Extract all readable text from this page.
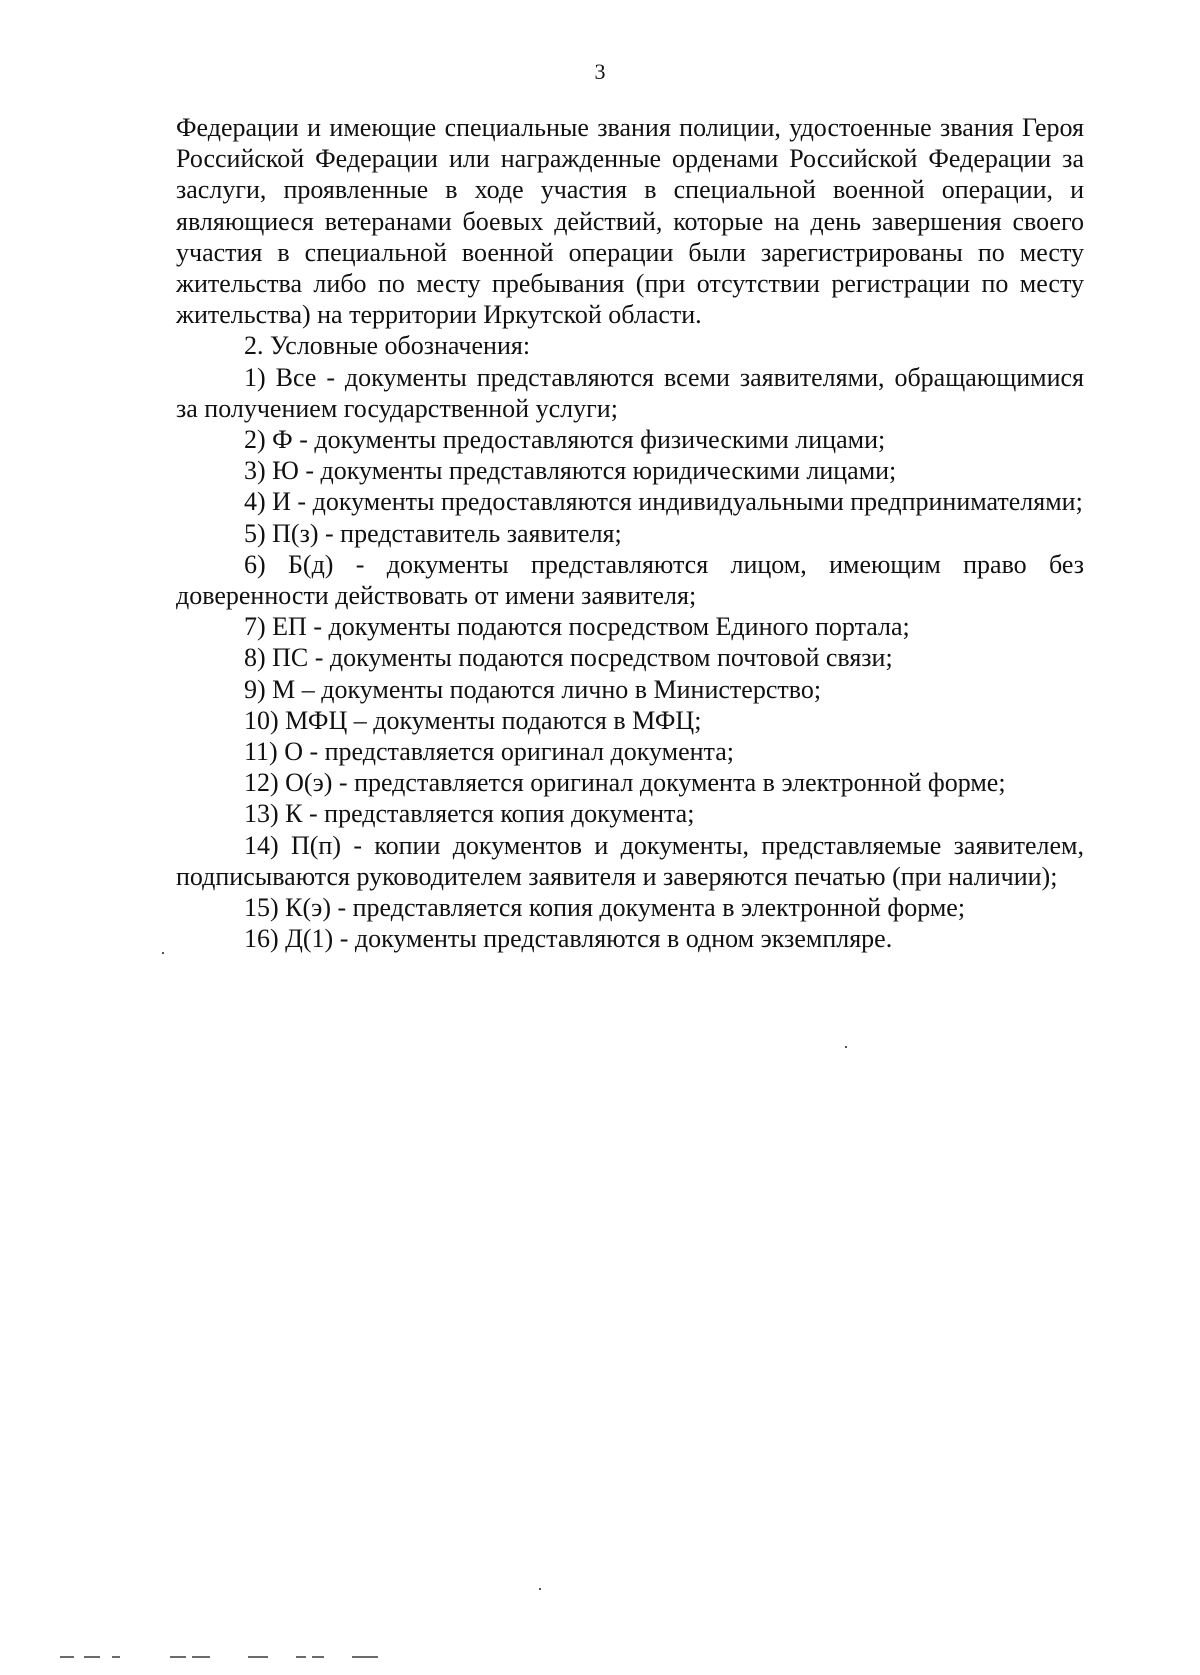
3

Федерации и имеющие специальные звания полиции, удостоенные звания Героя Российской Федерации или награжденные орденами Российской Федерации за заслуги, проявленные в ходе участия в специальной военной операции, и являющиеся ветеранами боевых действий, которые на день завершения своего участия в специальной военной операции были зарегистрированы по месту жительства либо по месту пребывания (при отсутствии регистрации по месту жительства) на территории Иркутской области.

2. Условные обозначения:

1) Все - документы представляются всеми заявителями, обращающимися за получением государственной услуги;

2) Ф - документы предоставляются физическими лицами;

3) Ю - документы представляются юридическими лицами;

4) И - документы предоставляются индивидуальными предпринимателями;

5) П(з) - представитель заявителя;

6) Б(д) - документы представляются лицом, имеющим право без доверенности действовать от имени заявителя;

7) ЕП - документы подаются посредством Единого портала;

8) ПС - документы подаются посредством почтовой связи;

9) М – документы подаются лично в Министерство;

10) МФЦ – документы подаются в МФЦ;

11) О - представляется оригинал документа;

12) О(э) - представляется оригинал документа в электронной форме;

13) К - представляется копия документа;

14) П(п) - копии документов и документы, представляемые заявителем, подписываются руководителем заявителя и заверяются печатью (при наличии);

15) К(э) - представляется копия документа в электронной форме;

16) Д(1) - документы представляются в одном экземпляре.
